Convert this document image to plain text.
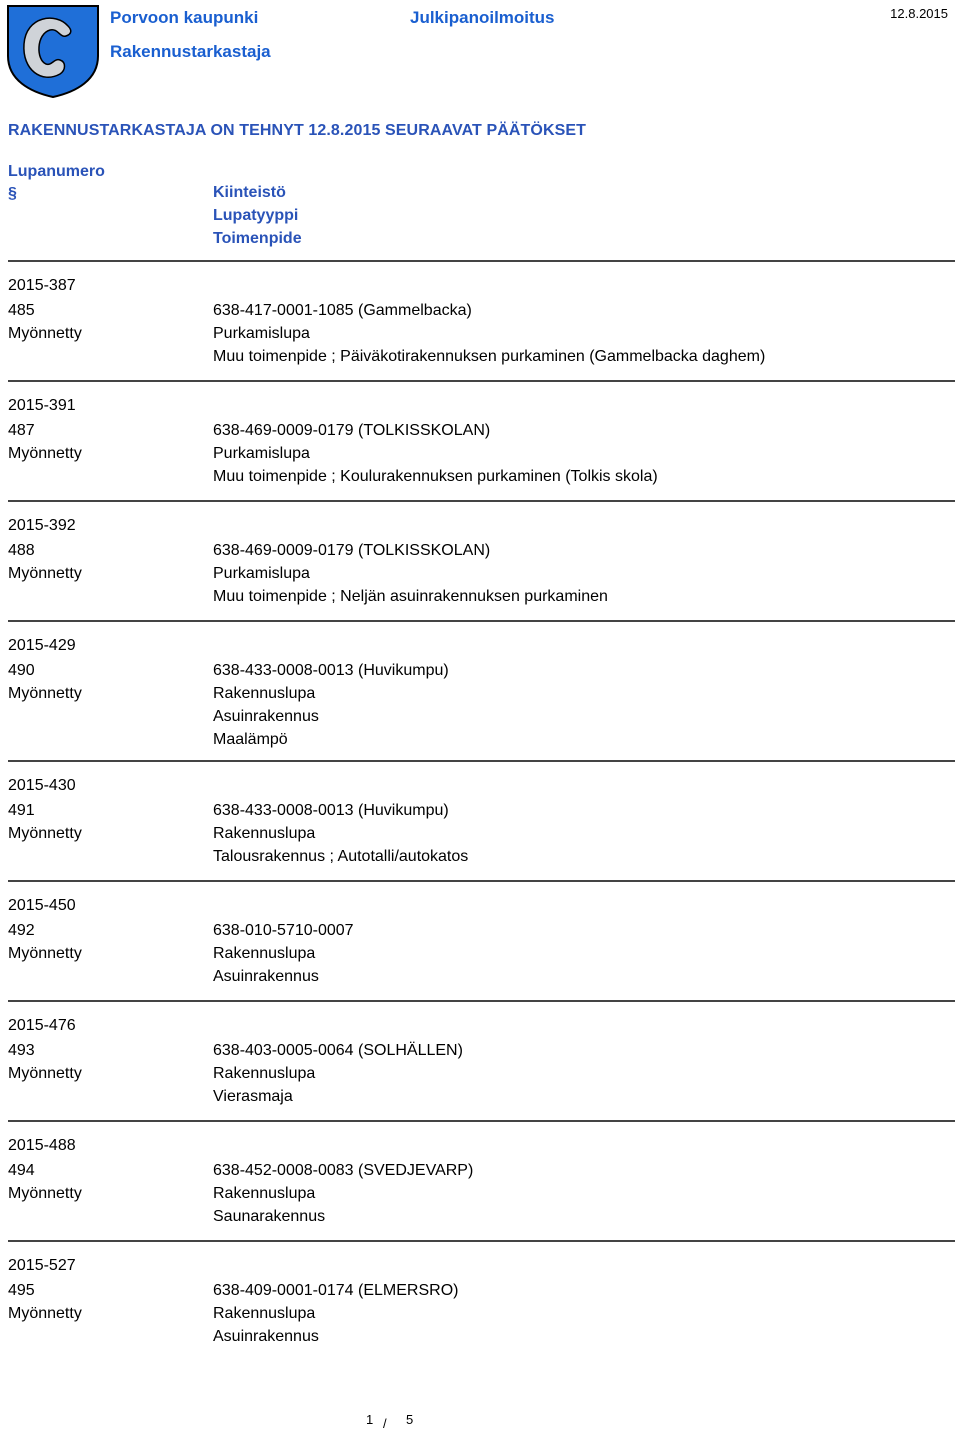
Porvoon kaupunki
Rakennustarkastaja
Julkipanoilmoitus	12.8.2015
RAKENNUSTARKASTAJA ON TEHNYT 12.8.2015 SEURAAVAT PÄÄTÖKSET
Lupanumero
§	Kiinteistö
Lupatyyppi
Toimenpide
2015-387
485
Myönnetty
638-417-0001-1085 (Gammelbacka)
Purkamislupa
Muu toimenpide ; Päiväkotirakennuksen purkaminen (Gammelbacka daghem)
2015-391
487
Myönnetty
638-469-0009-0179 (TOLKISSKOLAN)
Purkamislupa
Muu toimenpide ; Koulurakennuksen purkaminen (Tolkis skola)
2015-392
488
Myönnetty
638-469-0009-0179 (TOLKISSKOLAN)
Purkamislupa
Muu toimenpide ; Neljän asuinrakennuksen purkaminen
2015-429
490
Myönnetty
638-433-0008-0013 (Huvikumpu)
Rakennuslupa
Asuinrakennus
Maalämpö
2015-430
491
Myönnetty
638-433-0008-0013 (Huvikumpu)
Rakennuslupa
Talousrakennus ; Autotalli/autokatos
2015-450
492
Myönnetty
638-010-5710-0007
Rakennuslupa
Asuinrakennus
2015-476
493
Myönnetty
638-403-0005-0064 (SOLHÄLLEN)
Rakennuslupa
Vierasmaja
2015-488
494
Myönnetty
638-452-0008-0083 (SVEDJEVARP)
Rakennuslupa
Saunarakennus
2015-527
495
Myönnetty
638-409-0001-0174 (ELMERSRO)
Rakennuslupa
Asuinrakennus
1 / 5
